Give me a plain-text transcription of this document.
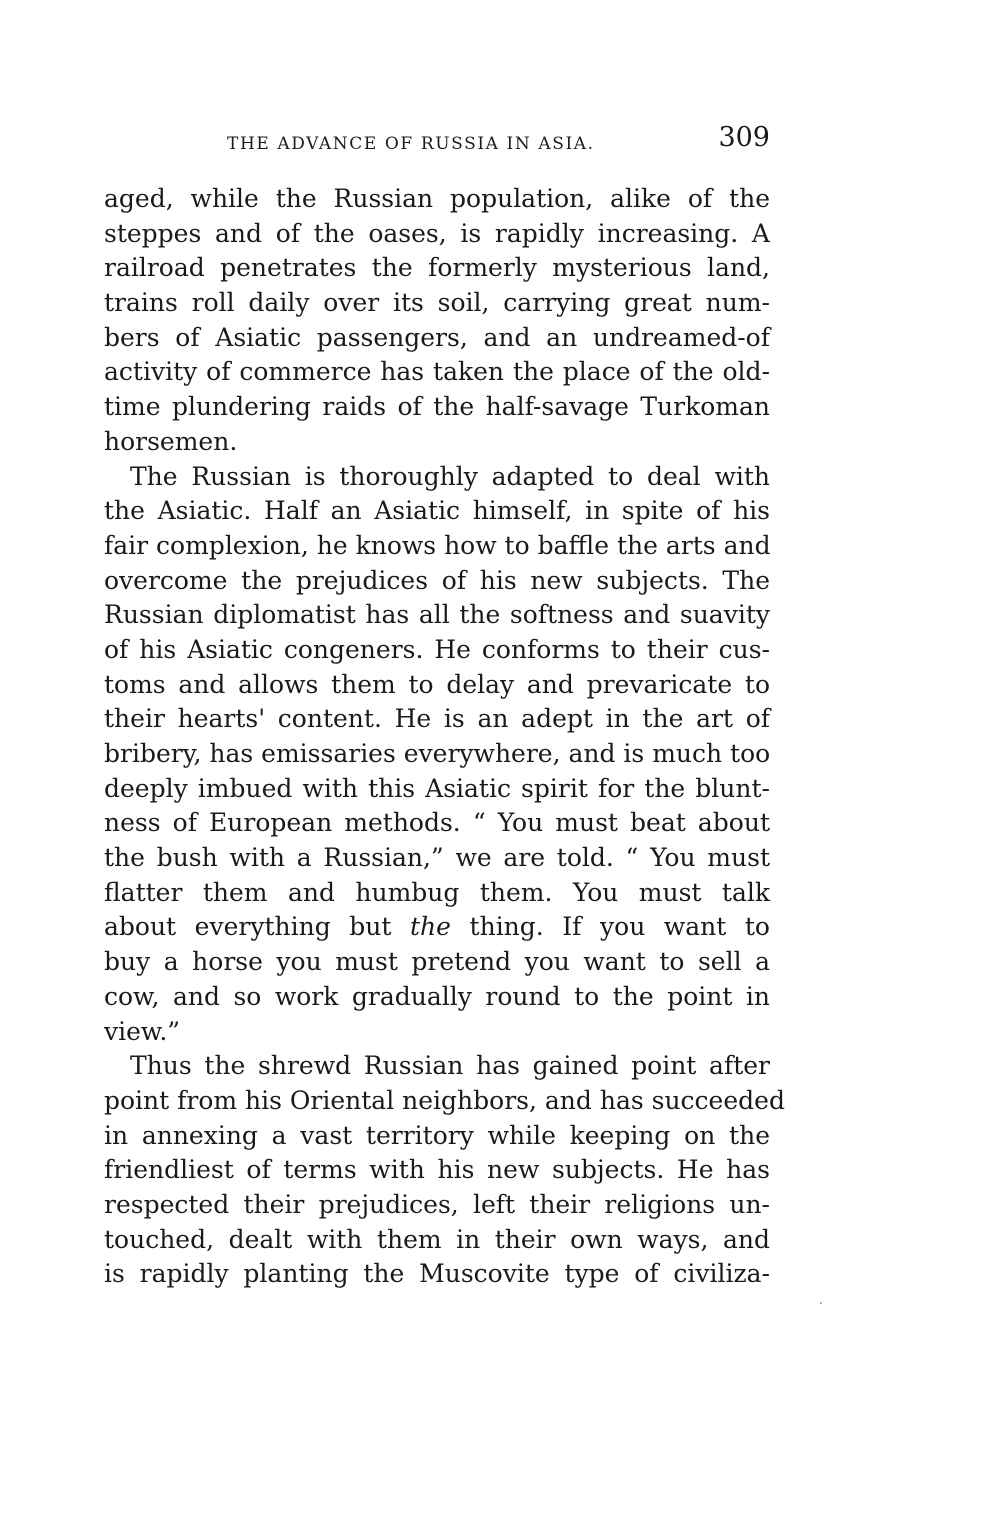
THE ADVANCE OF RUSSIA IN ASIA.	309
aged, while the Russian population, alike of the
steppes and of the oases, is rapidly increasing. A
railroad penetrates the formerly mysterious land,
trains roll daily over its soil, carrying great num-
bers of Asiatic passengers, and an undreamed-of
activity of commerce has taken the place of the old-
time plundering raids of the half-savage Turkoman
horsemen.
The Russian is thoroughly adapted to deal with
the Asiatic. Half an Asiatic himself, in spite of his
fair complexion, he knows how to baffle the arts and
overcome the prejudices of his new subjects. The
Russian diplomatist has all the softness and suavity
of his Asiatic congeners. He conforms to their cus-
toms and allows them to delay and prevaricate to
their hearts' content. He is an adept in the art of
bribery, has emissaries everywhere, and is much too
deeply imbued with this Asiatic spirit for the blunt-
ness of European methods. “ You must beat about
the bush with a Russian,” we are told. “ You must
flatter them and humbug them. You must talk
about everything but the thing. If you want to
buy a horse you must pretend you want to sell a
cow, and so work gradually round to the point in
view.”
Thus the shrewd Russian has gained point after
point from his Oriental neighbors, and has succeeded
in annexing a vast territory while keeping on the
friendliest of terms with his new subjects. He has
respected their prejudices, left their religions un-
touched, dealt with them in their own ways, and
is rapidly planting the Muscovite type of civiliza-
